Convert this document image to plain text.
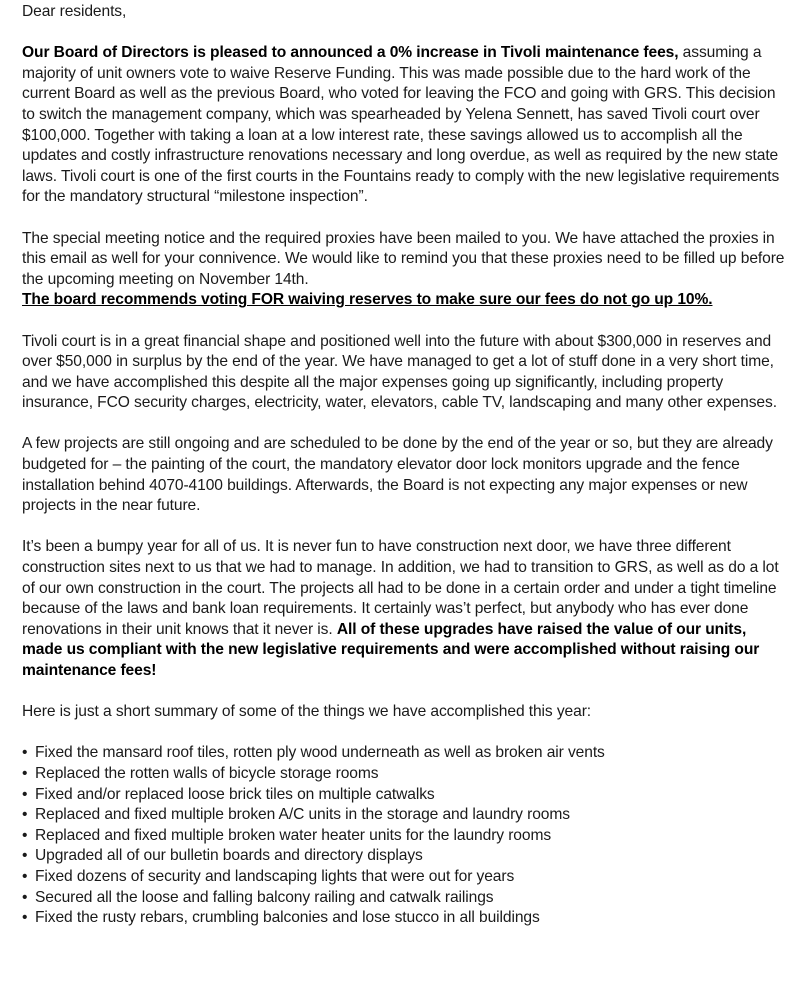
Dear residents,

Our Board of Directors is pleased to announced a 0% increase in Tivoli maintenance fees, assuming a majority of unit owners vote to waive Reserve Funding. This was made possible due to the hard work of the current Board as well as the previous Board, who voted for leaving the FCO and going with GRS. This decision to switch the management company, which was spearheaded by Yelena Sennett, has saved Tivoli court over $100,000. Together with taking a loan at a low interest rate, these savings allowed us to accomplish all the updates and costly infrastructure renovations necessary and long overdue, as well as required by the new state laws. Tivoli court is one of the first courts in the Fountains ready to comply with the new legislative requirements for the mandatory structural “milestone inspection”.

The special meeting notice and the required proxies have been mailed to you. We have attached the proxies in this email as well for your connivence. We would like to remind you that these proxies need to be filled up before the upcoming meeting on November 14th.
The board recommends voting FOR waiving reserves to make sure our fees do not go up 10%.

Tivoli court is in a great financial shape and positioned well into the future with about $300,000 in reserves and over $50,000 in surplus by the end of the year. We have managed to get a lot of stuff done in a very short time, and we have accomplished this despite all the major expenses going up significantly, including property insurance, FCO security charges, electricity, water, elevators, cable TV, landscaping and many other expenses.

A few projects are still ongoing and are scheduled to be done by the end of the year or so, but they are already budgeted for – the painting of the court, the mandatory elevator door lock monitors upgrade and the fence installation behind 4070-4100 buildings. Afterwards, the Board is not expecting any major expenses or new projects in the near future.

It’s been a bumpy year for all of us. It is never fun to have construction next door, we have three different construction sites next to us that we had to manage. In addition, we had to transition to GRS, as well as do a lot of our own construction in the court. The projects all had to be done in a certain order and under a tight timeline because of the laws and bank loan requirements. It certainly was’t perfect, but anybody who has ever done renovations in their unit knows that it never is. All of these upgrades have raised the value of our units, made us compliant with the new legislative requirements and were accomplished without raising our maintenance fees!

Here is just a short summary of some of the things we have accomplished this year:

• Fixed the mansard roof tiles, rotten ply wood underneath as well as broken air vents
• Replaced the rotten walls of bicycle storage rooms
• Fixed and/or replaced loose brick tiles on multiple catwalks
• Replaced and fixed multiple broken A/C units in the storage and laundry rooms
• Replaced and fixed multiple broken water heater units for the laundry rooms
• Upgraded all of our bulletin boards and directory displays
• Fixed dozens of security and landscaping lights that were out for years
• Secured all the loose and falling balcony railing and catwalk railings
• Fixed the rusty rebars, crumbling balconies and lose stucco in all buildings
